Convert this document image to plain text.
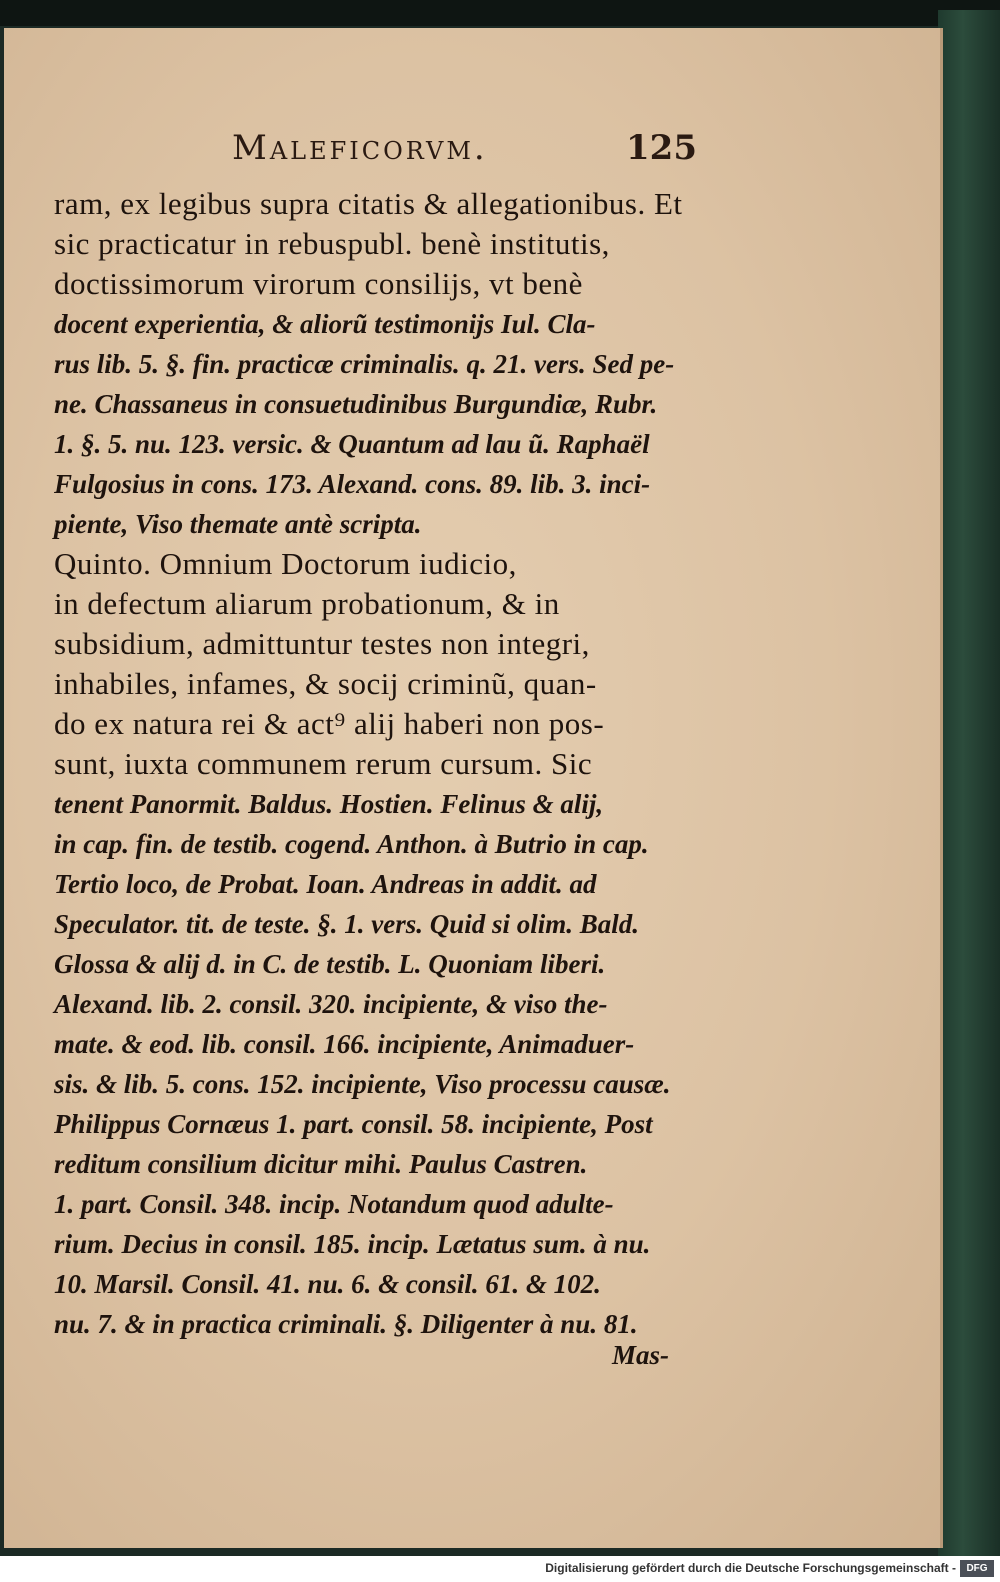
Maleficorvm.	125
ram, ex legibus supra citatis & allegationibus. Et
sic practicatur in rebuspubl. benè institutis,
doctissimorum virorum consilijs, vt benè
docent experientia, & aliorũ testimonijs Iul. Cla-
rus lib. 5. §. fin. practicæ criminalis. q. 21. vers. Sed pe-
ne. Chassaneus in consuetudinibus Burgundiæ, Rubr.
1. §. 5. nu. 123. versic. & Quantum ad lau ũ. Raphaël
Fulgosius in cons. 173. Alexand. cons. 89. lib. 3. inci-
piente, Viso themate antè scripta.
Quinto. Omnium Doctorum iudicio,
in defectum aliarum probationum, & in
subsidium, admittuntur testes non integri,
inhabiles, infames, & socij criminũ, quan-
do ex natura rei & act⁹ alij haberi non pos-
sunt, iuxta communem rerum cursum. Sic
tenent Panormit. Baldus. Hostien. Felinus & alij,
in cap. fin. de testib. cogend. Anthon. à Butrio in cap.
Tertio loco, de Probat. Ioan. Andreas in addit. ad
Speculator. tit. de teste. §. 1. vers. Quid si olim. Bald.
Glossa & alij d. in C. de testib. L. Quoniam liberi.
Alexand. lib. 2. consil. 320. incipiente, & viso the-
mate. & eod. lib. consil. 166. incipiente, Animaduer-
sis. & lib. 5. cons. 152. incipiente, Viso processu causæ.
Philippus Cornæus 1. part. consil. 58. incipiente, Post
reditum consilium dicitur mihi. Paulus Castren.
1. part. Consil. 348. incip. Notandum quod adulte-
rium. Decius in consil. 185. incip. Lætatus sum. à nu.
10. Marsil. Consil. 41. nu. 6. & consil. 61. & 102.
nu. 7. & in practica criminali. §. Diligenter à nu. 81.
Mas-
Digitalisierung gefördert durch die Deutsche Forschungsgemeinschaft -	DFG
